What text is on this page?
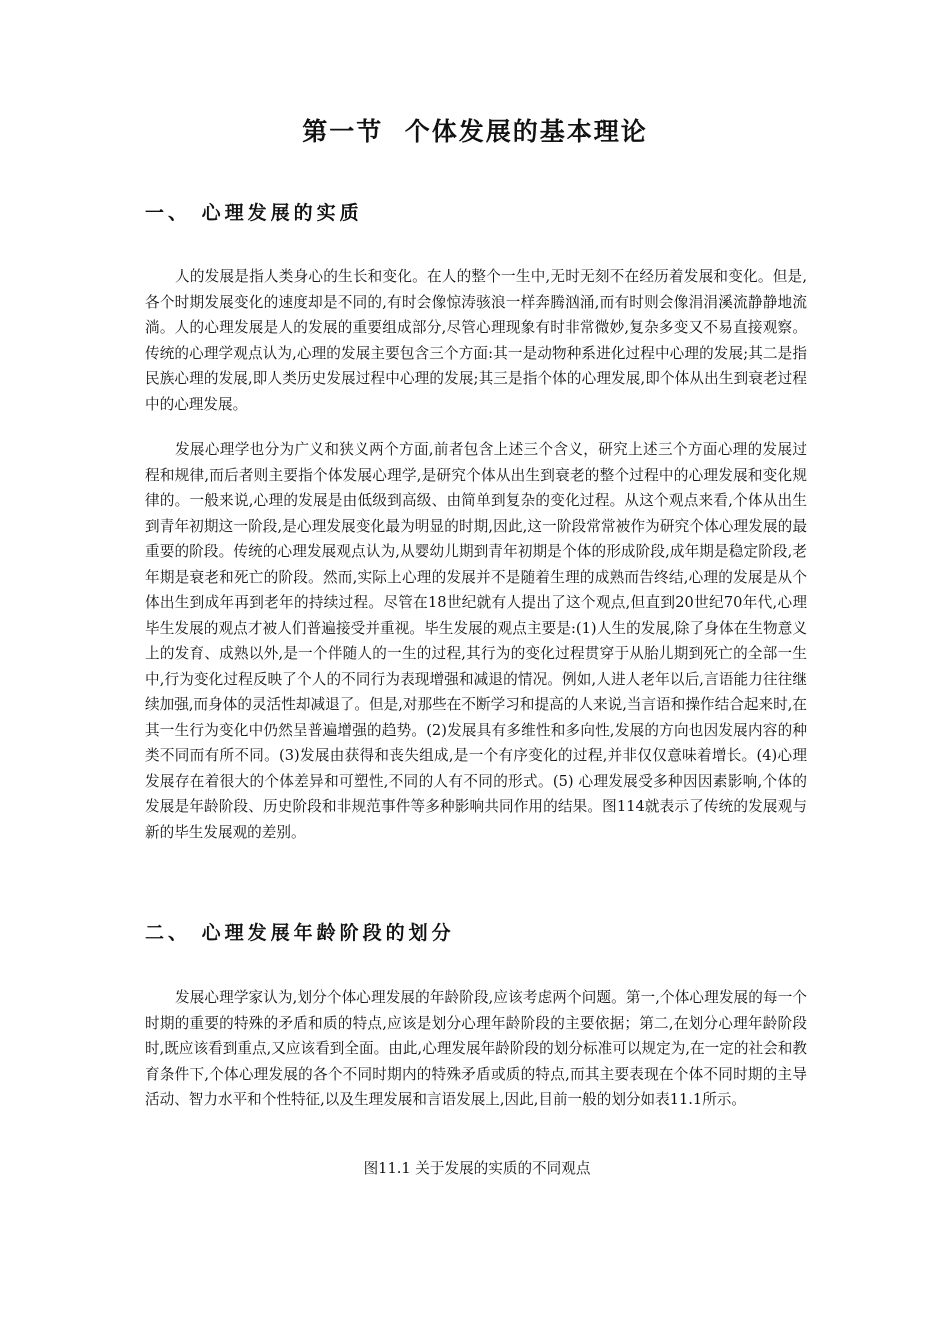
第一节  个体发展的基本理论
一、 心理发展的实质

人的发展是指人类身心的生长和变化。在人的整个一生中,无时无刻不在经历着发展和变化。但是,各个时期发展变化的速度却是不同的,有时会像惊涛骇浪一样奔腾汹涌,而有时则会像涓涓溪流静静地流淌。人的心理发展是人的发展的重要组成部分,尽管心理现象有时非常微妙,复杂多变又不易直接观察。传统的心理学观点认为,心理的发展主要包含三个方面:其一是动物种系进化过程中心理的发展;其二是指民族心理的发展,即人类历史发展过程中心理的发展;其三是指个体的心理发展,即个体从出生到衰老过程中的心理发展。

发展心理学也分为广义和狭义两个方面,前者包含上述三个含义，研究上述三个方面心理的发展过程和规律,而后者则主要指个体发展心理学,是研究个体从出生到衰老的整个过程中的心理发展和变化规律的。一般来说,心理的发展是由低级到高级、由简单到复杂的变化过程。从这个观点来看,个体从出生到青年初期这一阶段,是心理发展变化最为明显的时期,因此,这一阶段常常被作为研究个体心理发展的最重要的阶段。传统的心理发展观点认为,从婴幼儿期到青年初期是个体的形成阶段,成年期是稳定阶段,老年期是衰老和死亡的阶段。然而,实际上心理的发展并不是随着生理的成熟而告终结,心理的发展是从个体出生到成年再到老年的持续过程。尽管在18世纪就有人提出了这个观点,但直到20世纪70年代,心理毕生发展的观点才被人们普遍接受并重视。毕生发展的观点主要是:(1)人生的发展,除了身体在生物意义上的发育、成熟以外,是一个伴随人的一生的过程,其行为的变化过程贯穿于从胎儿期到死亡的全部一生中,行为变化过程反映了个人的不同行为表现增强和减退的情况。例如,人进人老年以后,言语能力往往继续加强,而身体的灵活性却减退了。但是,对那些在不断学习和提高的人来说,当言语和操作结合起来时,在其一生行为变化中仍然呈普遍增强的趋势。(2)发展具有多维性和多向性,发展的方向也因发展内容的种类不同而有所不同。(3)发展由获得和丧失组成,是一个有序变化的过程,并非仅仅意味着增长。(4)心理发展存在着很大的个体差异和可塑性,不同的人有不同的形式。(5) 心理发展受多种因因素影响,个体的发展是年龄阶段、历史阶段和非规范事件等多种影响共同作用的结果。图114就表示了传统的发展观与新的毕生发展观的差别。

二、 心理发展年龄阶段的划分

发展心理学家认为,划分个体心理发展的年龄阶段,应该考虑两个问题。第一,个体心理发展的每一个时期的重要的特殊的矛盾和质的特点,应该是划分心理年龄阶段的主要依据；第二,在划分心理年龄阶段时,既应该看到重点,又应该看到全面。由此,心理发展年龄阶段的划分标准可以规定为,在一定的社会和教育条件下,个体心理发展的各个不同时期内的特殊矛盾或质的特点,而其主要表现在个体不同时期的主导活动、智力水平和个性特征,以及生理发展和言语发展上,因此,目前一般的划分如表11.1所示。

图11.1 关于发展的实质的不同观点
